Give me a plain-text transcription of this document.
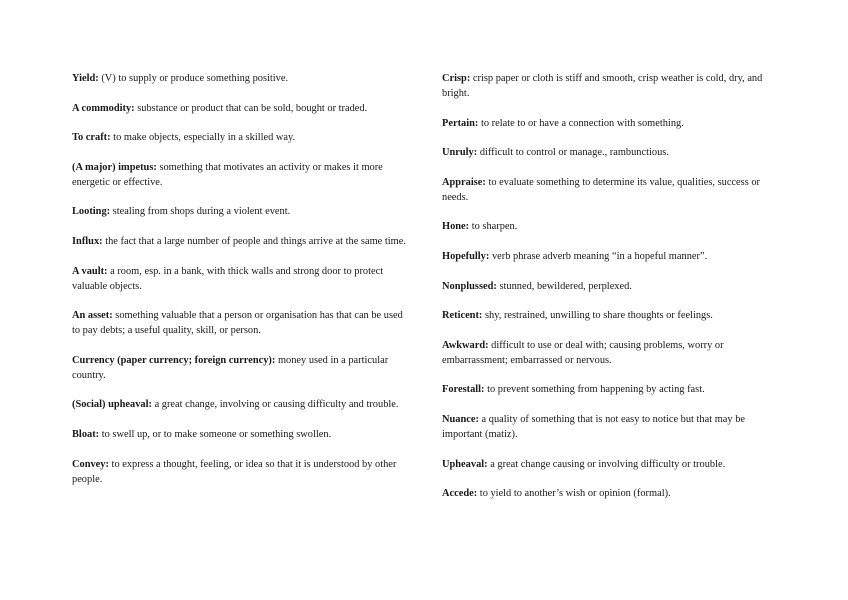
Yield: (V) to supply or produce something positive.

A commodity: substance or product that can be sold, bought or traded.

To craft: to make objects, especially in a skilled way.

(A major) impetus: something that motivates an activity or makes it more energetic or effective.

Looting: stealing from shops during a violent event.

Influx: the fact that a large number of people and things arrive at the same time.

A vault: a room, esp. in a bank, with thick walls and strong door to protect valuable objects.

An asset: something valuable that a person or organisation has that can be used to pay debts; a useful quality, skill, or person.

Currency (paper currency; foreign currency): money used in a particular country.

(Social) upheaval: a great change, involving or causing difficulty and trouble.

Bloat: to swell up, or to make someone or something swollen.

Convey: to express a thought, feeling, or idea so that it is understood by other people.

Crisp: crisp paper or cloth is stiff and smooth, crisp weather is cold, dry, and bright.

Pertain: to relate to or have a connection with something.

Unruly: difficult to control or manage., rambunctious.

Appraise: to evaluate something to determine its value, qualities, success or needs.

Hone: to sharpen.

Hopefully: verb phrase adverb meaning “in a hopeful manner”.

Nonplussed: stunned, bewildered, perplexed.

Reticent: shy, restrained, unwilling to share thoughts or feelings.

Awkward: difficult to use or deal with; causing problems, worry or embarrassment; embarrassed or nervous.

Forestall: to prevent something from happening by acting fast.

Nuance: a quality of something that is not easy to notice but that may be important (matiz).

Upheaval: a great change causing or involving difficulty or trouble.

Accede: to yield to another’s wish or opinion (formal).
